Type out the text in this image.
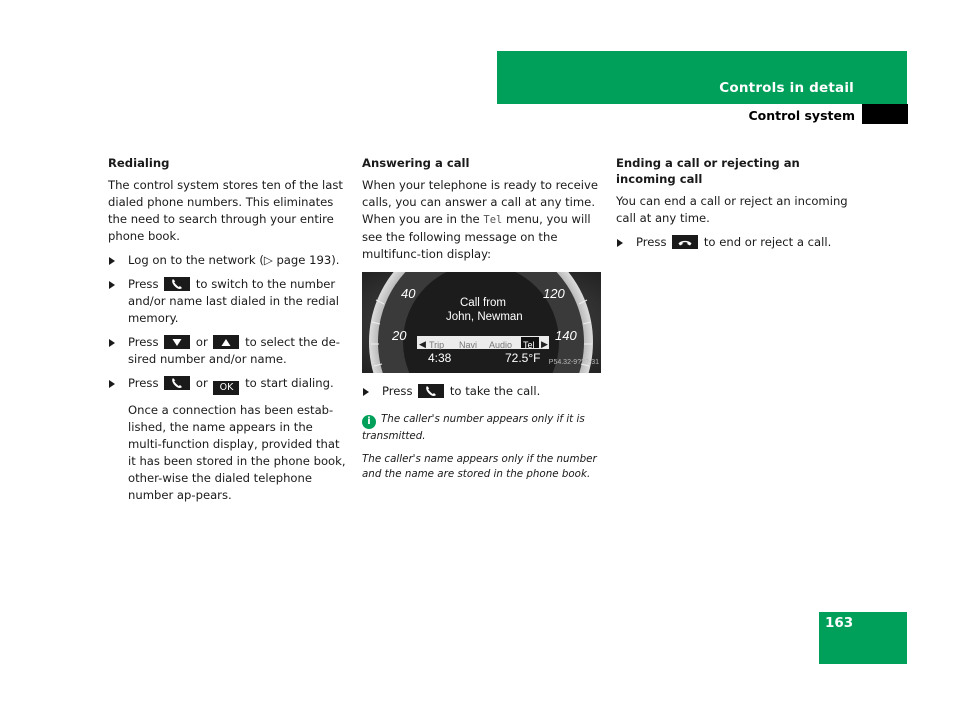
Controls in detail
Control system
Redialing
The control system stores ten of the last dialed phone numbers. This eliminates the need to search through your entire phone book.
Log on to the network (▷ page 193).
Press	to switch to the number and/or name last dialed in the redial memory.
Press	or	to select the de-sired number and/or name.
Press	or OK to start dialing.
Once a connection has been estab-lished, the name appears in the multi-function display, provided that it has been stored in the phone book, other-wise the dialed telephone number ap-pears.
Answering a call
When your telephone is ready to receive calls, you can answer a call at any time. When you are in the Tel menu, you will see the following message on the multifunc-tion display:
40
20
120
140
Call from
John, Newman
◀ Trip Navi Audio Tel ▶
4:38	72.5°F P54.32-9???-31
Press	to take the call.
i The caller's number appears only if it is transmitted.
The caller's name appears only if the number and the name are stored in the phone book.
Ending a call or rejecting an incoming call
You can end a call or reject an incoming call at any time.
Press	to end or reject a call.
163
